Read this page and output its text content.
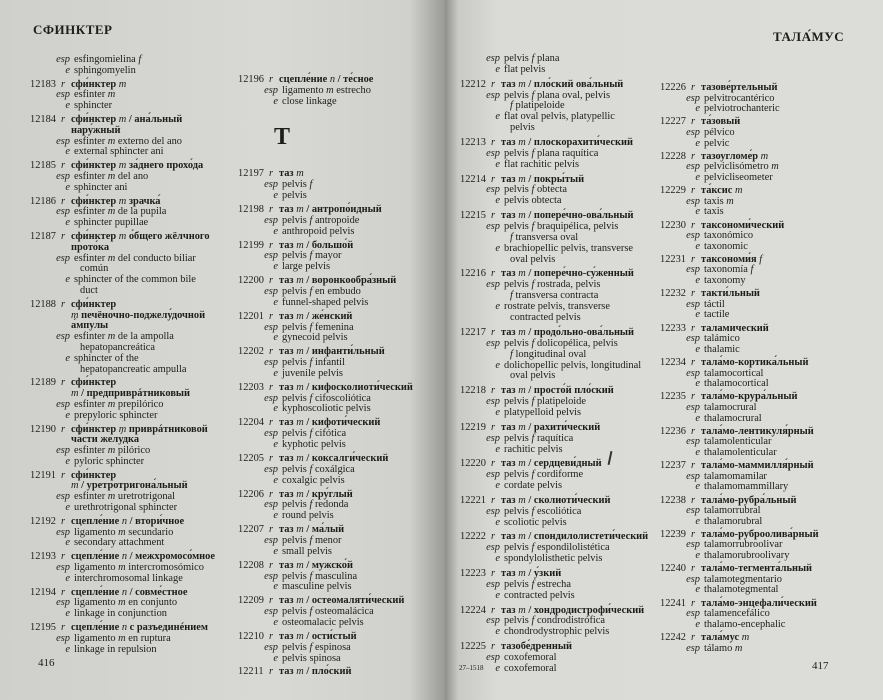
СФИНКТЕР
esp esfingomielina f
e sphingomyelin
12183 r сфи́нктер m
esp esfinter m
e sphincter
12184 r сфи́нктер m / ана́льный
нару́жный
esp esfinter m externo del ano
e external sphincter ani
12185 r сфи́нктер m за́днего прохо́да
esp esfinter m del ano
e sphincter ani
12186 r сфи́нктер m зрачка́
esp esfinter m de la pupila
e sphincter pupillae
12187 r сфи́нктер m о́бщего жёлчного
прото́ка
esp esfinter m del conducto biliar
común
e sphincter of the common bile
duct
12188 r сфи́нктер
m печёночно-поджелу́дочной
а́мпулы
esp esfinter m de la ampolla
hepatopancreática
e sphincter of the
hepatopancreatic ampulla
12189 r сфи́нктер
m / предприврáтниковый
esp esfinter m prepilórico
e prepyloric sphincter
12190 r сфи́нктер m приврáтниковой
ча́сти желу́дка
esp esfinter m pilórico
e pyloric sphincter
12191 r сфи́нктер
m / уретротригона́льный
esp esfinter m uretrotrigonal
e urethrotrigonal sphincter
12192 r сцепле́ние n / втори́чное
esp ligamento m secundario
e secondary attachment
12193 r сцепле́ние n / межхромосо́мное
esp ligamento m intercromosómico
e interchromosomal linkage
12194 r сцепле́ние n / совме́стное
esp ligamento m en conjunto
e linkage in conjunction
12195 r сцепле́ние n с разъединéнием
esp ligamento m en ruptura
e linkage in repulsion
12196 r сцепле́ние n / те́сное
esp ligamento m estrecho
e close linkage
T
12197 r таз m
esp pelvis f
e pelvis
12198 r таз m / антропо́идный
esp pelvis f antropoide
e anthropoid pelvis
12199 r таз m / большо́й
esp pelvis f mayor
e large pelvis
12200 r таз m / воронкообра́зный
esp pelvis f en embudo
e funnel-shaped pelvis
12201 r таз m / же́нский
esp pelvis f femenina
e gynecoid pelvis
12202 r таз m / инфанти́льный
esp pelvis f infantil
e juvenile pelvis
12203 r таз m / кифосколиоти́ческий
esp pelvis f cifoscoliótica
e kyphoscoliotic pelvis
12204 r таз m / кифоти́ческий
esp pelvis f cifótica
e kyphotic pelvis
12205 r таз m / коксалги́ческий
esp pelvis f coxálgica
e coxalgic pelvis
12206 r таз m / кру́глый
esp pelvis f redonda
e round pelvis
12207 r таз m / ма́лый
esp pelvis f menor
e small pelvis
12208 r таз m / мужско́й
esp pelvis f masculina
e masculine pelvis
12209 r таз m / остеомаляти́ческий
esp pelvis f osteomalácica
e osteomalacic pelvis
12210 r таз m / ости́стый
esp pelvis f espinosa
e pelvis spinosa
12211 r таз m / пло́ский
416
ТАЛА́МУС
esp pelvis f plana
e flat pelvis
12212 r таз m / пло́ский ова́льный
esp pelvis f plana oval, pelvis
f platipeloide
e flat oval pelvis, platypellic
pelvis
12213 r таз m / плоскорахити́ческий
esp pelvis f plana raquítica
e flat rachitic pelvis
12214 r таз m / покры́тый
esp pelvis f obtecta
e pelvis obtecta
12215 r таз m / попере́чно-ова́льный
esp pelvis f braquipélica, pelvis
f transversa oval
e brachiopellic pelvis, transverse
oval pelvis
12216 r таз m / попере́чно-су́женный
esp pelvis f rostrada, pelvis
f transversa contracta
e rostrate pelvis, transverse
contracted pelvis
12217 r таз m / продо́льно-ова́льный
esp pelvis f dolicopélica, pelvis
f longitudinal oval
e dolichopellic pelvis, longitudinal
oval pelvis
12218 r таз m / просто́й пло́ский
esp pelvis f platipeloide
e platypelloid pelvis
12219 r таз m / рахити́ческий
esp pelvis f raquítica
e rachitic pelvis
12220 r таз m / сердцеви́дный
esp pelvis f cordiforme
e cordate pelvis
12221 r таз m / сколиоти́ческий
esp pelvis f escoliótica
e scoliotic pelvis
12222 r таз m / спондилолистети́ческий
esp pelvis f espondilolistética
e spondylolisthetic pelvis
12223 r таз m / у́зкий
esp pelvis f estrecha
e contracted pelvis
12224 r таз m / хондродистрофи́ческий
esp pelvis f condrodistrófica
e chondrodystrophic pelvis
12225 r тазобе́дренный
esp coxofemoral
e coxofemoral
12226 r тазове́ртельный
esp pelvitrocantérico
e pelviotrochanteric
12227 r та́зовый
esp pélvico
e pelvic
12228 r тазоугломе́р m
esp pelviclisómetro m
e pelvicliseometer
12229 r та́ксис m
esp taxis m
e taxis
12230 r таксономи́ческий
esp taxonómico
e taxonomic
12231 r таксономи́я f
esp taxonomía f
e taxonomy
12232 r такти́льный
esp táctil
e tactile
12233 r таламический
esp talámico
e thalamic
12234 r тала́мо-кортика́льный
esp talamocortical
e thalamocortical
12235 r тала́мо-крура́льный
esp talamocrural
e thalamocrural
12236 r тала́мо-лентикуля́рный
esp talamolenticular
e thalamolenticular
12237 r тала́мо-маммилля́рный
esp talamomamilar
e thalamomammillary
12238 r тала́мо-рубра́льный
esp talamorrubral
e thalamorubral
12239 r тала́мо-руброолива́рный
esp talamorrubroolivar
e thalamorubroolivary
12240 r тала́мо-тегмента́льный
esp talamotegmentario
e thalamotegmental
12241 r тала́мо-энцефали́ческий
esp talamencefálico
e thalamo-encephalic
12242 r тала́мус m
esp tálamo m
27–1518	417
